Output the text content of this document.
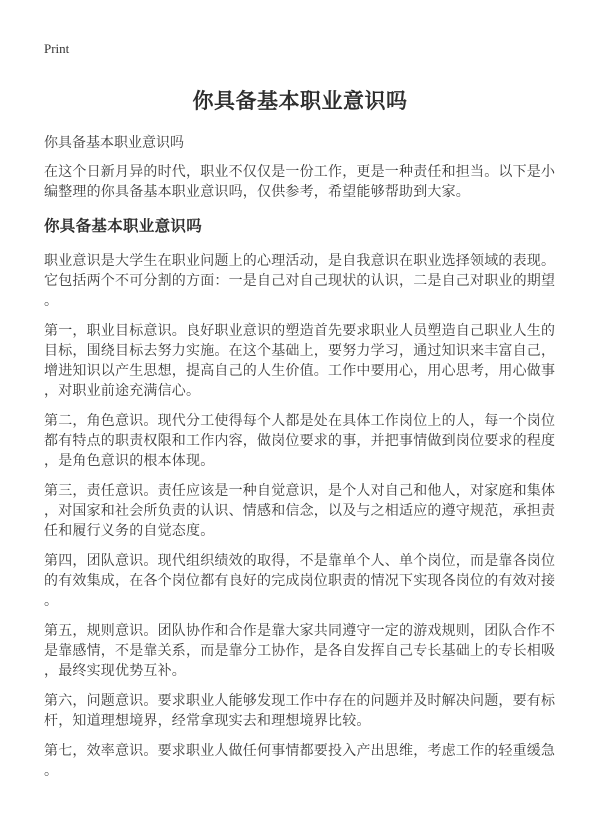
Print
你具备基本职业意识吗
你具备基本职业意识吗

在这个日新月异的时代，职业不仅仅是一份工作，更是一种责任和担当。以下是小编整理的你具备基本职业意识吗，仅供参考，希望能够帮助到大家。

你具备基本职业意识吗

职业意识是大学生在职业问题上的心理活动，是自我意识在职业选择领域的表现。它包括两个不可分割的方面：一是自己对自己现状的认识，二是自己对职业的期望。

第一，职业目标意识。良好职业意识的塑造首先要求职业人员塑造自己职业人生的目标，围绕目标去努力实施。在这个基础上，要努力学习，通过知识来丰富自己，增进知识以产生思想，提高自己的人生价值。工作中要用心，用心思考，用心做事，对职业前途充满信心。

第二，角色意识。现代分工使得每个人都是处在具体工作岗位上的人，每一个岗位都有特点的职责权限和工作内容，做岗位要求的事，并把事情做到岗位要求的程度，是角色意识的根本体现。

第三，责任意识。责任应该是一种自觉意识，是个人对自己和他人，对家庭和集体，对国家和社会所负责的认识、情感和信念，以及与之相适应的遵守规范，承担责任和履行义务的自觉态度。

第四，团队意识。现代组织绩效的取得，不是靠单个人、单个岗位，而是靠各岗位的有效集成，在各个岗位都有良好的完成岗位职责的情况下实现各岗位的有效对接。

第五，规则意识。团队协作和合作是靠大家共同遵守一定的游戏规则，团队合作不是靠感情，不是靠关系，而是靠分工协作，是各自发挥自己专长基础上的专长相吸，最终实现优势互补。

第六，问题意识。要求职业人能够发现工作中存在的问题并及时解决问题，要有标杆，知道理想境界，经常拿现实去和理想境界比较。

第七，效率意识。要求职业人做任何事情都要投入产出思维，考虑工作的轻重缓急。
